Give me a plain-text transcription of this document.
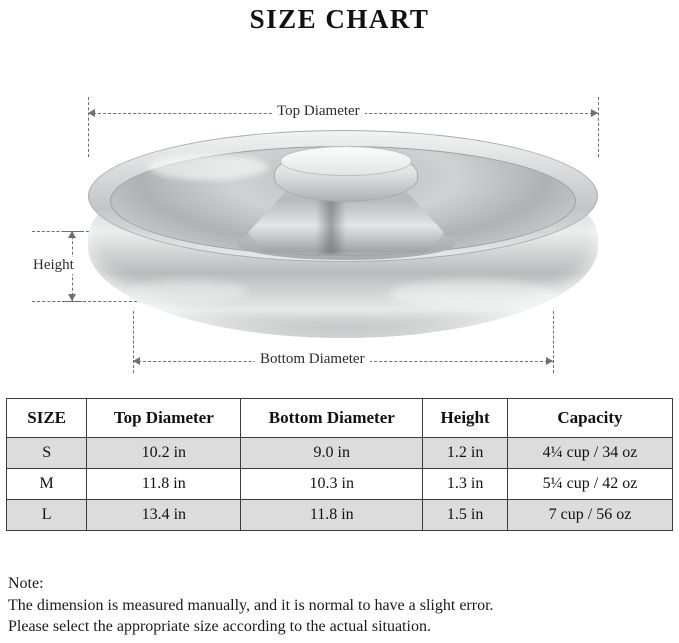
SIZE CHART
Top Diameter
Height
Bottom Diameter
SIZE	Top Diameter	Bottom Diameter	Height	Capacity
S	10.2 in	9.0 in	1.2 in	4¼ cup / 34 oz
M	11.8 in	10.3 in	1.3 in	5¼ cup / 42 oz
L	13.4 in	11.8 in	1.5 in	7 cup / 56 oz
Note:
The dimension is measured manually, and it is normal to have a slight error.
Please select the appropriate size according to the actual situation.
